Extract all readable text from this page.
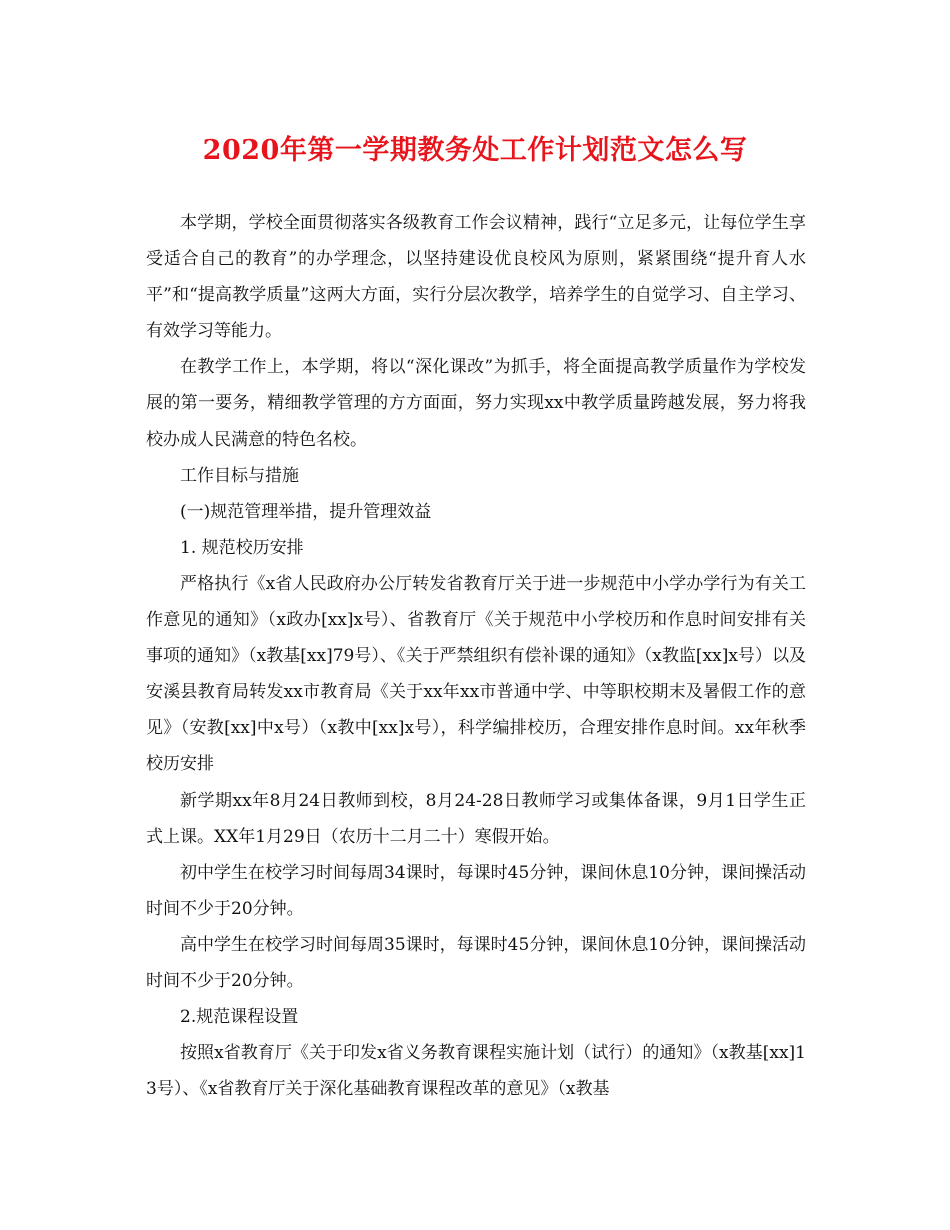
2020年第一学期教务处工作计划范文怎么写

本学期，学校全面贯彻落实各级教育工作会议精神，践行“立足多元，让每位学生享受适合自己的教育”的办学理念，以坚持建设优良校风为原则，紧紧围绕“提升育人水平”和“提高教学质量”这两大方面，实行分层次教学，培养学生的自觉学习、自主学习、有效学习等能力。

在教学工作上，本学期，将以“深化课改”为抓手，将全面提高教学质量作为学校发展的第一要务，精细教学管理的方方面面，努力实现xx中教学质量跨越发展，努力将我校办成人民满意的特色名校。

工作目标与措施

(一)规范管理举措，提升管理效益

1. 规范校历安排

严格执行《x省人民政府办公厅转发省教育厅关于进一步规范中小学办学行为有关工作意见的通知》（x政办[xx]x号）、省教育厅《关于规范中小学校历和作息时间安排有关事项的通知》（x教基[xx]79号）、《关于严禁组织有偿补课的通知》（x教监[xx]x号）以及安溪县教育局转发xx市教育局《关于xx年xx市普通中学、中等职校期末及暑假工作的意见》（安教[xx]中x号）（x教中[xx]x号），科学编排校历，合理安排作息时间。xx年秋季校历安排

新学期xx年8月24日教师到校，8月24-28日教师学习或集体备课，9月1日学生正式上课。XX年1月29日（农历十二月二十）寒假开始。

初中学生在校学习时间每周34课时，每课时45分钟，课间休息10分钟，课间操活动时间不少于20分钟。

高中学生在校学习时间每周35课时，每课时45分钟，课间休息10分钟，课间操活动时间不少于20分钟。

2.规范课程设置

按照x省教育厅《关于印发x省义务教育课程实施计划（试行）的通知》（x教基[xx]13号）、《x省教育厅关于深化基础教育课程改革的意见》（x教基
